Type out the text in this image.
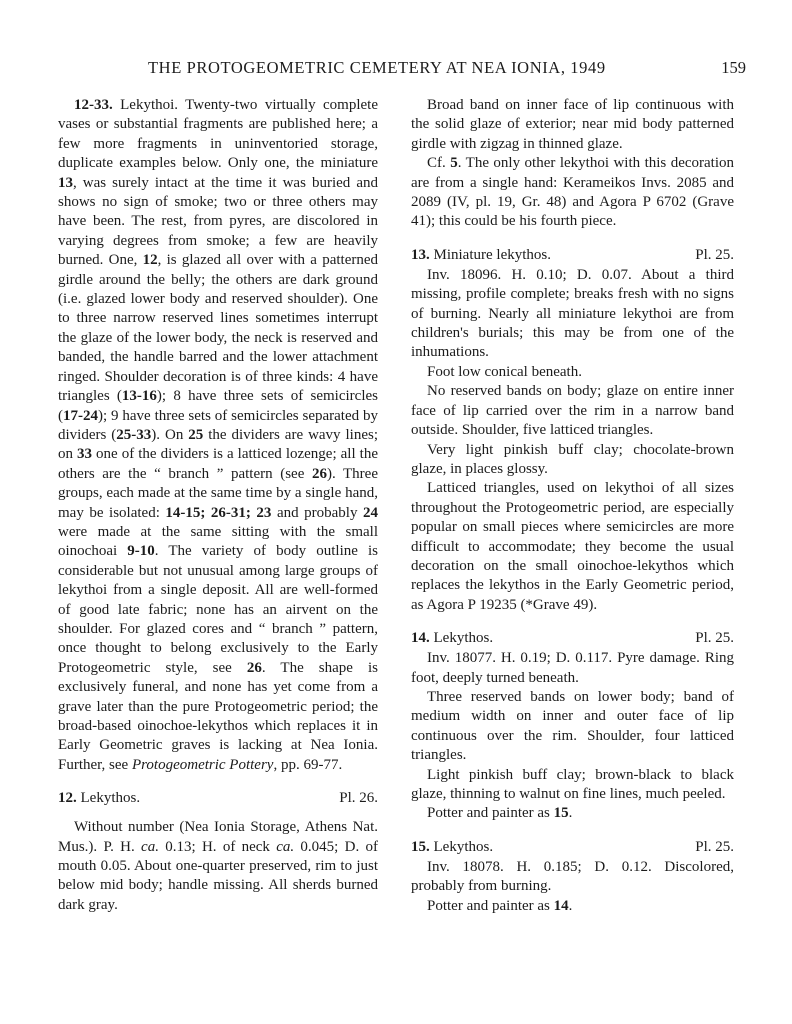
THE PROTOGEOMETRIC CEMETERY AT NEA IONIA, 1949	159

12-33. Lekythoi. Twenty-two virtually complete vases or substantial fragments are published here; a few more fragments in uninventoried storage, duplicate examples below. Only one, the miniature 13, was surely intact at the time it was buried and shows no sign of smoke; two or three others may have been. The rest, from pyres, are discolored in varying degrees from smoke; a few are heavily burned. One, 12, is glazed all over with a patterned girdle around the belly; the others are dark ground (i.e. glazed lower body and reserved shoulder). One to three narrow reserved lines sometimes interrupt the glaze of the lower body, the neck is reserved and banded, the handle barred and the lower attachment ringed. Shoulder decoration is of three kinds: 4 have triangles (13-16); 8 have three sets of semicircles (17-24); 9 have three sets of semicircles separated by dividers (25-33). On 25 the dividers are wavy lines; on 33 one of the dividers is a latticed lozenge; all the others are the “ branch ” pattern (see 26). Three groups, each made at the same time by a single hand, may be isolated: 14-15; 26-31; 23 and probably 24 were made at the same sitting with the small oinochoai 9-10. The variety of body outline is considerable but not unusual among large groups of lekythoi from a single deposit. All are well-formed of good late fabric; none has an airvent on the shoulder. For glazed cores and “ branch ” pattern, once thought to belong exclusively to the Early Protogeometric style, see 26. The shape is exclusively funeral, and none has yet come from a grave later than the pure Protogeometric period; the broad-based oinochoe-lekythos which replaces it in Early Geometric graves is lacking at Nea Ionia. Further, see Protogeometric Pottery, pp. 69-77.

12. Lekythos.	Pl. 26.

Without number (Nea Ionia Storage, Athens Nat. Mus.). P. H. ca. 0.13; H. of neck ca. 0.045; D. of mouth 0.05. About one-quarter preserved, rim to just below mid body; handle missing. All sherds burned dark gray.

Broad band on inner face of lip continuous with the solid glaze of exterior; near mid body patterned girdle with zigzag in thinned glaze.

Cf. 5. The only other lekythoi with this decoration are from a single hand: Kerameikos Invs. 2085 and 2089 (IV, pl. 19, Gr. 48) and Agora P 6702 (Grave 41); this could be his fourth piece.

13. Miniature lekythos.	Pl. 25.

Inv. 18096. H. 0.10; D. 0.07. About a third missing, profile complete; breaks fresh with no signs of burning. Nearly all miniature lekythoi are from children's burials; this may be from one of the inhumations.

Foot low conical beneath.

No reserved bands on body; glaze on entire inner face of lip carried over the rim in a narrow band outside. Shoulder, five latticed triangles.

Very light pinkish buff clay; chocolate-brown glaze, in places glossy.

Latticed triangles, used on lekythoi of all sizes throughout the Protogeometric period, are especially popular on small pieces where semicircles are more difficult to accommodate; they become the usual decoration on the small oinochoe-lekythos which replaces the lekythos in the Early Geometric period, as Agora P 19235 (*Grave 49).

14. Lekythos.	Pl. 25.

Inv. 18077. H. 0.19; D. 0.117. Pyre damage. Ring foot, deeply turned beneath.

Three reserved bands on lower body; band of medium width on inner and outer face of lip continuous over the rim. Shoulder, four latticed triangles.

Light pinkish buff clay; brown-black to black glaze, thinning to walnut on fine lines, much peeled.

Potter and painter as 15.

15. Lekythos.	Pl. 25.

Inv. 18078. H. 0.185; D. 0.12. Discolored, probably from burning.

Potter and painter as 14.
